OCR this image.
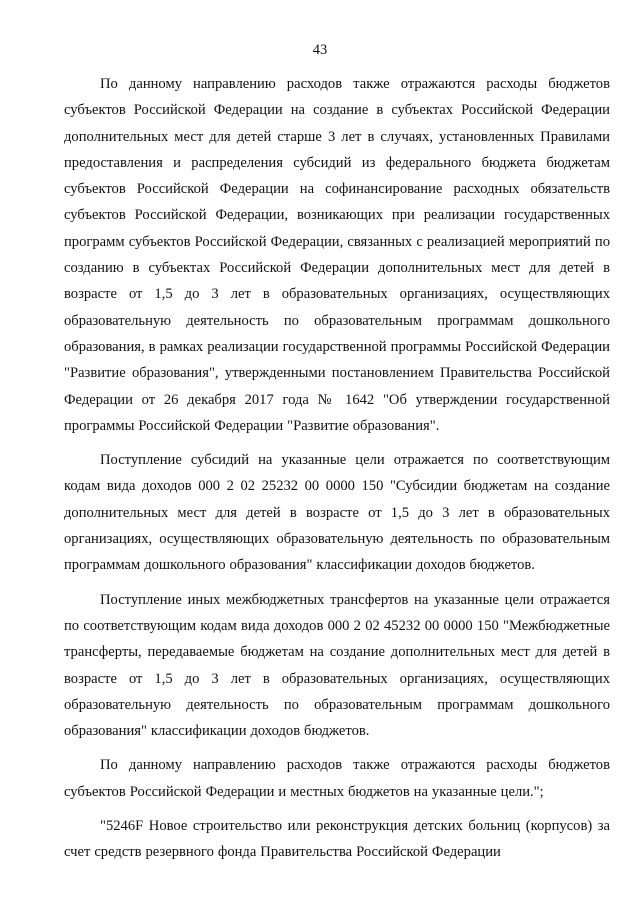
43

По данному направлению расходов также отражаются расходы бюджетов субъектов Российской Федерации на создание в субъектах Российской Федерации дополнительных мест для детей старше 3 лет в случаях, установленных Правилами предоставления и распределения субсидий из федерального бюджета бюджетам субъектов Российской Федерации на софинансирование расходных обязательств субъектов Российской Федерации, возникающих при реализации государственных программ субъектов Российской Федерации, связанных с реализацией мероприятий по созданию в субъектах Российской Федерации дополнительных мест для детей в возрасте от 1,5 до 3 лет в образовательных организациях, осуществляющих образовательную деятельность по образовательным программам дошкольного образования, в рамках реализации государственной программы Российской Федерации "Развитие образования", утвержденными постановлением Правительства Российской Федерации от 26 декабря 2017 года № 1642 "Об утверждении государственной программы Российской Федерации "Развитие образования".

Поступление субсидий на указанные цели отражается по соответствующим кодам вида доходов 000 2 02 25232 00 0000 150 "Субсидии бюджетам на создание дополнительных мест для детей в возрасте от 1,5 до 3 лет в образовательных организациях, осуществляющих образовательную деятельность по образовательным программам дошкольного образования" классификации доходов бюджетов.

Поступление иных межбюджетных трансфертов на указанные цели отражается по соответствующим кодам вида доходов 000 2 02 45232 00 0000 150 "Межбюджетные трансферты, передаваемые бюджетам на создание дополнительных мест для детей в возрасте от 1,5 до 3 лет в образовательных организациях, осуществляющих образовательную деятельность по образовательным программам дошкольного образования" классификации доходов бюджетов.

По данному направлению расходов также отражаются расходы бюджетов субъектов Российской Федерации и местных бюджетов на указанные цели.";

"5246F Новое строительство или реконструкция детских больниц (корпусов) за счет средств резервного фонда Правительства Российской Федерации
